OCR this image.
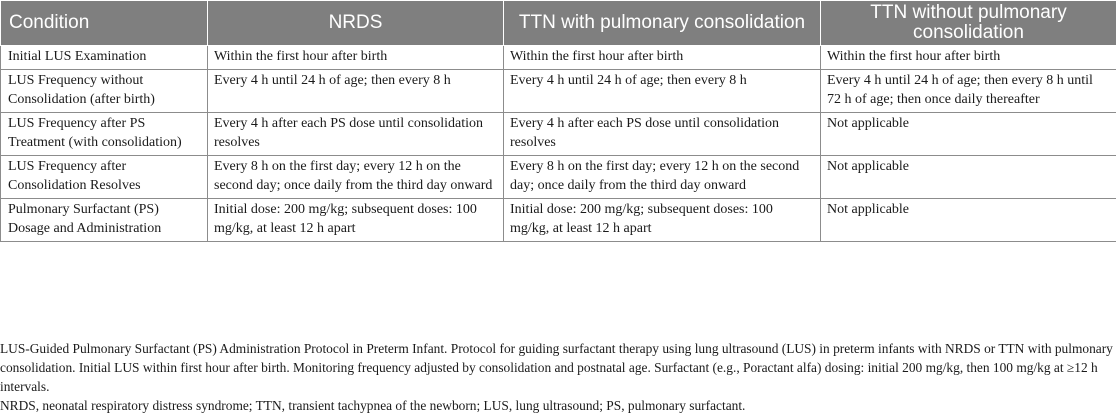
Condition	NRDS	TTN with pulmonary consolidation	TTN without pulmonary consolidation
Initial LUS Examination	Within the first hour after birth	Within the first hour after birth	Within the first hour after birth
LUS Frequency without Consolidation (after birth)	Every 4 h until 24 h of age; then every 8 h	Every 4 h until 24 h of age; then every 8 h	Every 4 h until 24 h of age; then every 8 h until 72 h of age; then once daily thereafter
LUS Frequency after PS Treatment (with consolidation)	Every 4 h after each PS dose until consolidation resolves	Every 4 h after each PS dose until consolidation resolves	Not applicable
LUS Frequency after Consolidation Resolves	Every 8 h on the first day; every 12 h on the second day; once daily from the third day onward	Every 8 h on the first day; every 12 h on the second day; once daily from the third day onward	Not applicable
Pulmonary Surfactant (PS) Dosage and Administration	Initial dose: 200 mg/kg; subsequent doses: 100 mg/kg, at least 12 h apart	Initial dose: 200 mg/kg; subsequent doses: 100 mg/kg, at least 12 h apart	Not applicable

LUS-Guided Pulmonary Surfactant (PS) Administration Protocol in Preterm Infant. Protocol for guiding surfactant therapy using lung ultrasound (LUS) in preterm infants with NRDS or TTN with pulmonary consolidation. Initial LUS within first hour after birth. Monitoring frequency adjusted by consolidation and postnatal age. Surfactant (e.g., Poractant alfa) dosing: initial 200 mg/kg, then 100 mg/kg at ≥12 h intervals.

NRDS, neonatal respiratory distress syndrome; TTN, transient tachypnea of the newborn; LUS, lung ultrasound; PS, pulmonary surfactant.
